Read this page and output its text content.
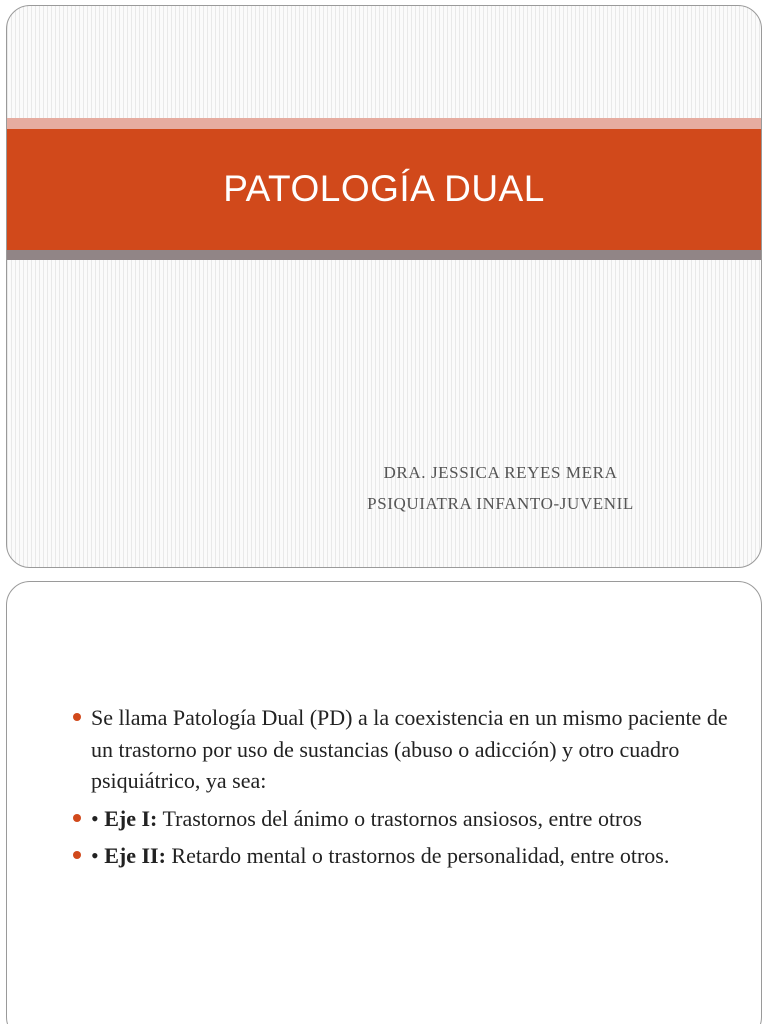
PATOLOGÍA DUAL
DRA. JESSICA REYES MERA
PSIQUIATRA INFANTO-JUVENIL
Se llama Patología Dual (PD) a la coexistencia en un mismo paciente de un trastorno por uso de sustancias (abuso o adicción) y otro cuadro psiquiátrico, ya sea:
• Eje I: Trastornos del ánimo o trastornos ansiosos, entre otros
• Eje II: Retardo mental o trastornos de personalidad, entre otros.
